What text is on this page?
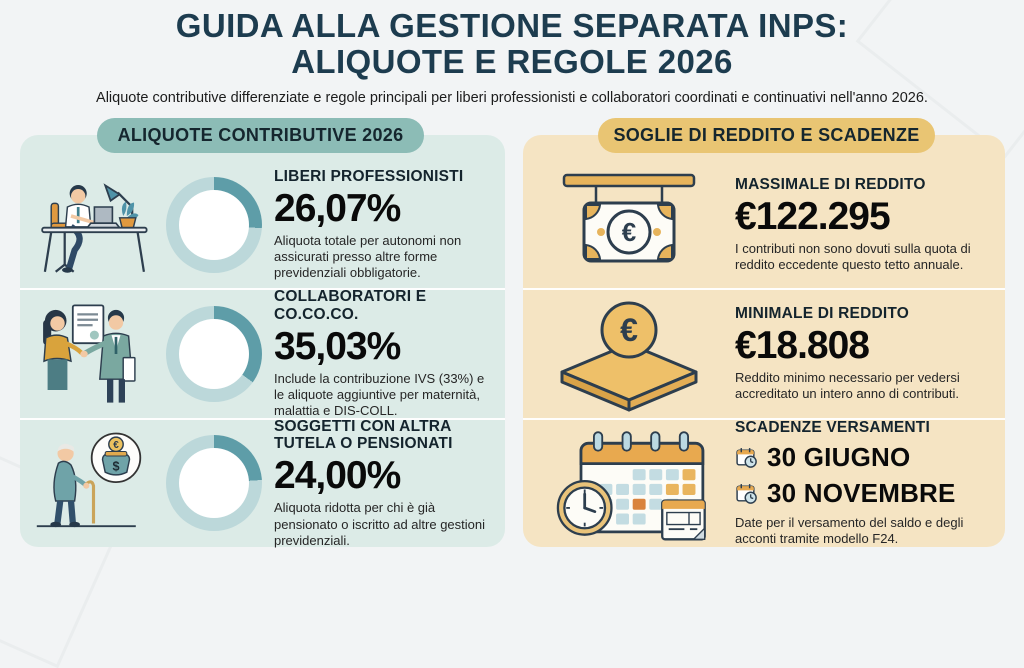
GUIDA ALLA GESTIONE SEPARATA INPS:
ALIQUOTE E REGOLE 2026
Aliquote contributive differenziate e regole principali per liberi professionisti e collaboratori coordinati e continuativi nell'anno 2026.
ALIQUOTE CONTRIBUTIVE 2026	SOGLIE DI REDDITO E SCADENZE
LIBERI PROFESSIONISTI
26,07%
Aliquota totale per autonomi non assicurati presso altre forme previdenziali obbligatorie.
COLLABORATORI E CO.CO.CO.
35,03%
Include la contribuzione IVS (33%) e le aliquote aggiuntive per maternità, malattia e DIS-COLL.
€
$
SOGGETTI CON ALTRA TUTELA O PENSIONATI
24,00%
Aliquota ridotta per chi è già pensionato o iscritto ad altre gestioni previdenziali.
€
MASSIMALE DI REDDITO
€122.295
I contributi non sono dovuti sulla quota di reddito eccedente questo tetto annuale.
€	MINIMALE DI REDDITO
€18.808
Reddito minimo necessario per vedersi accreditato un intero anno di contributi.
SCADENZE VERSAMENTI
30 GIUGNO
30 NOVEMBRE
Date per il versamento del saldo e degli acconti tramite modello F24.
